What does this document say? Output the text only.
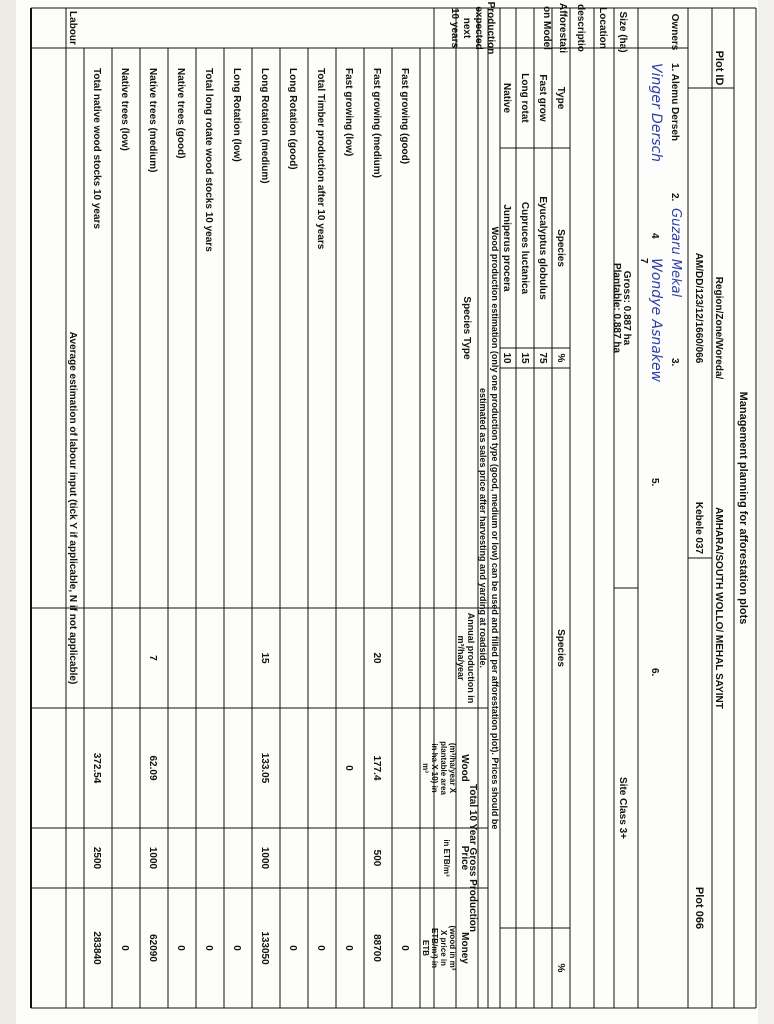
Management planning for afforestation plots
Plot ID
Region/Zone/Woreda/
AMHARA/SOUTH WOLLO/ MEHAL SAYINT
Kebele 037
AM/DD/123/12/1660/066
Plot 066
Owners
1. Alemu Derseh
2.
Guzaru Mekal
3.
Vinger Dersch
4
Wondye Asnakew
5.
6.
7
Size (ha)
Gross: 0.887 ha
Plantable: 0.887 ha
Site Class 3+
Location
descriptio
Afforestati
on Model
Type
Species
%
Species
%
Fast grow
Eyucalyptus globulus
75
Long rotat
Cupruces luctanica
15
Native
Juniperus procera
10
Production
expected
next
10 years
Wood production estimation (only one production type (good, medium or low) can be used and filled per afforestation plot). Prices should be
estimated as sales price after harvesting and yarding at roadside.
Species Type
Annual production in
m³/ha/year
Total 10 Year Gross Production
Wood
(m³/ha/year X
plantable area
in ha X 10) in
m³
Price
in ETB/m³
Money
(wood in m³
X price in
ETB/m³) in
ETB
Fast growing (good)
0
Fast growing (medium)
20
177.4
500
88700
Fast growing (low)
0
0
Total Timber production after 10 years
0
Long Rotation (good)
0
Long Rotation (medium)
15
133.05
1000
133050
Long Rotation (low)
0
Total long rotate wood stocks 10 years
0
Native trees (good)
0
Native trees (medium)
7
62.09
1000
62090
Native trees (low)
0
Total native wood stocks 10 years
372.54
2500
283840
Labour
Average estimation of labour input (tick Y if applicable, N if not applicable)
